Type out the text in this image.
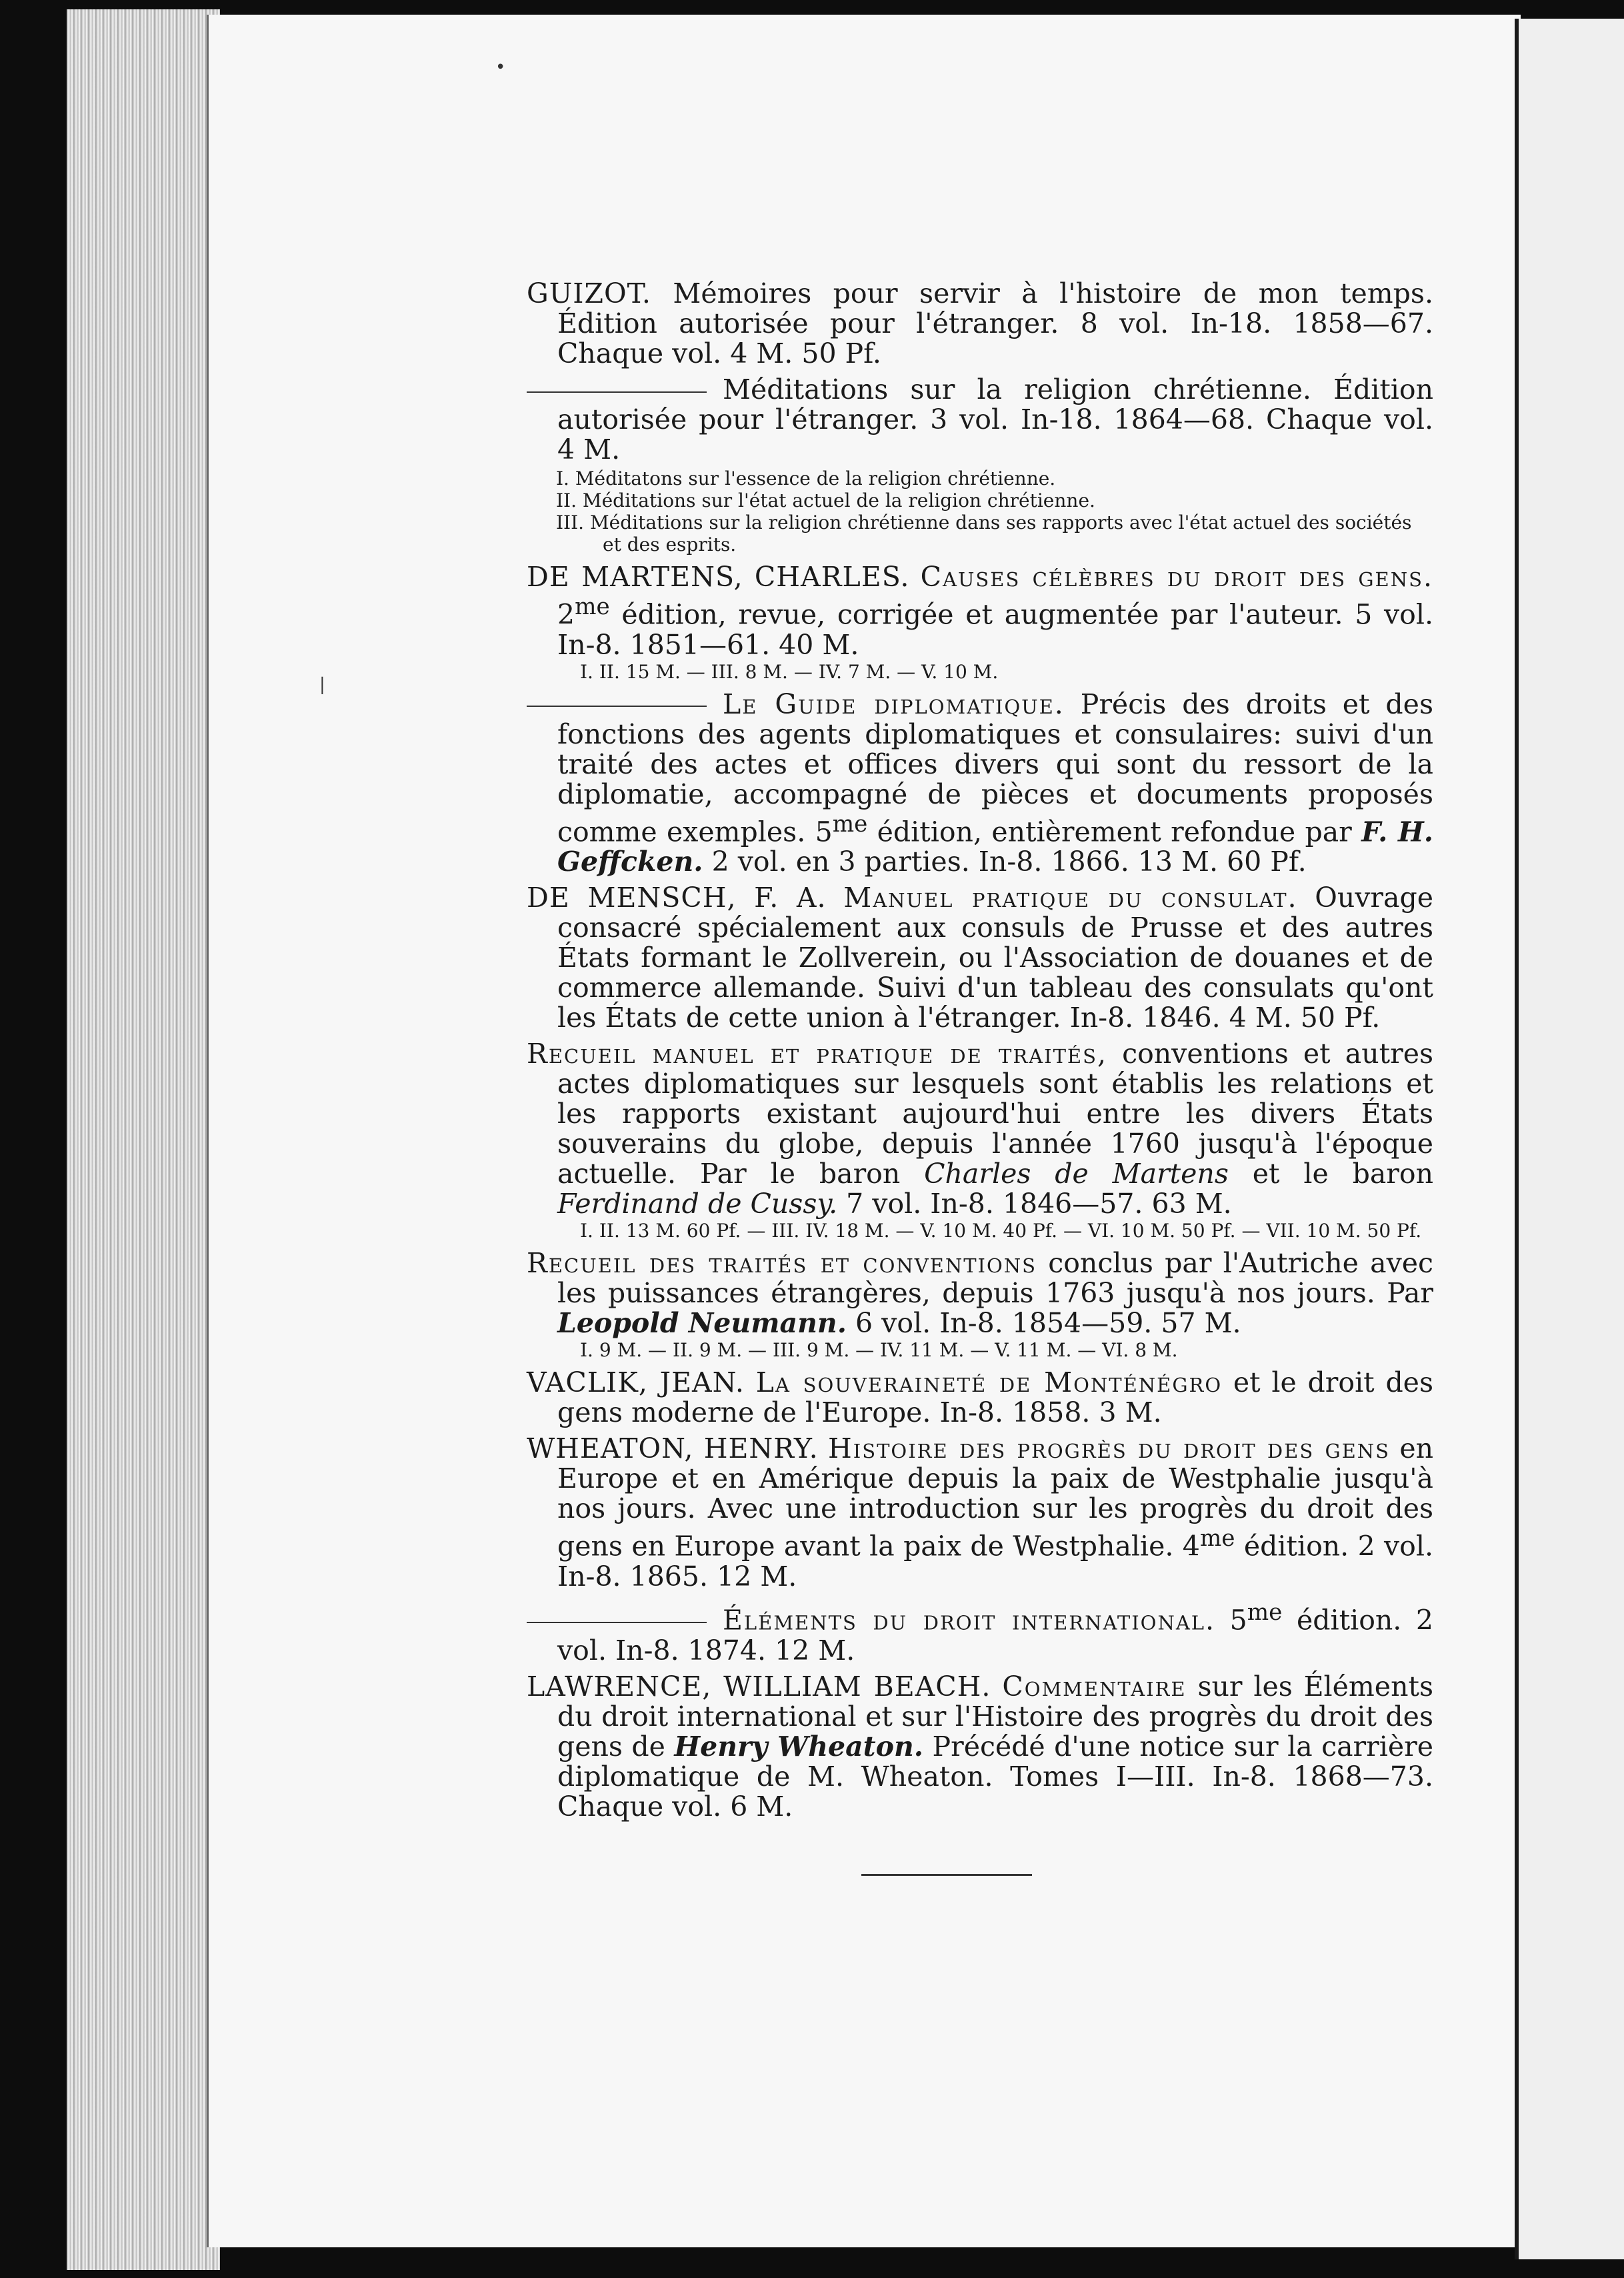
•
|

GUIZOT. Mémoires pour servir à l'histoire de mon temps. Édition autorisée pour l'étranger. 8 vol. In-18. 1858—67. Chaque vol. 4 M. 50 Pf.

Méditations sur la religion chrétienne. Édition autorisée pour l'étranger. 3 vol. In-18. 1864—68. Chaque vol. 4 M.

I. Méditatons sur l'essence de la religion chrétienne.
II. Méditations sur l'état actuel de la religion chrétienne.
III. Méditations sur la religion chrétienne dans ses rapports avec l'état actuel des sociétés et des esprits.

DE MARTENS, CHARLES. Causes célèbres du droit des gens. $2^{me}$ édition, revue, corrigée et augmentée par l'auteur. 5 vol. In-8. 1851—61. 40 M.

I. II. 15 M. — III. 8 M. — IV. 7 M. — V. 10 M.

Le Guide diplomatique. Précis des droits et des fonctions des agents diplomatiques et consulaires: suivi d'un traité des actes et offices divers qui sont du ressort de la diplomatie, accompagné de pièces et documents proposés comme exemples. $5^{me}$ édition, entièrement refondue par F. H. Geffcken. 2 vol. en 3 parties. In-8. 1866. 13 M. 60 Pf.

DE MENSCH, F. A. Manuel pratique du consulat. Ouvrage consacré spécialement aux consuls de Prusse et des autres États formant le Zollverein, ou l'Association de douanes et de commerce allemande. Suivi d'un tableau des consulats qu'ont les États de cette union à l'étranger. In-8. 1846. 4 M. 50 Pf.

Recueil manuel et pratique de traités, conventions et autres actes diplomatiques sur lesquels sont établis les relations et les rapports existant aujourd'hui entre les divers États souverains du globe, depuis l'année 1760 jusqu'à l'époque actuelle. Par le baron Charles de Martens et le baron Ferdinand de Cussy. 7 vol. In-8. 1846—57. 63 M.

I. II. 13 M. 60 Pf. — III. IV. 18 M. — V. 10 M. 40 Pf. — VI. 10 M. 50 Pf. — VII. 10 M. 50 Pf.

Recueil des traités et conventions conclus par l'Autriche avec les puissances étrangères, depuis 1763 jusqu'à nos jours. Par Leopold Neumann. 6 vol. In-8. 1854—59. 57 M.

I. 9 M. — II. 9 M. — III. 9 M. — IV. 11 M. — V. 11 M. — VI. 8 M.

VACLIK, JEAN. La souveraineté de Monténégro et le droit des gens moderne de l'Europe. In-8. 1858. 3 M.

WHEATON, HENRY. Histoire des progrès du droit des gens en Europe et en Amérique depuis la paix de Westphalie jusqu'à nos jours. Avec une introduction sur les progrès du droit des gens en Europe avant la paix de Westphalie. $4^{me}$ édition. 2 vol. In-8. 1865. 12 M.

Éléments du droit international. $5^{me}$ édition. 2 vol. In-8. 1874. 12 M.

LAWRENCE, WILLIAM BEACH. Commentaire sur les Éléments du droit international et sur l'Histoire des progrès du droit des gens de Henry Wheaton. Précédé d'une notice sur la carrière diplomatique de M. Wheaton. Tomes I—III. In-8. 1868—73. Chaque vol. 6 M.
